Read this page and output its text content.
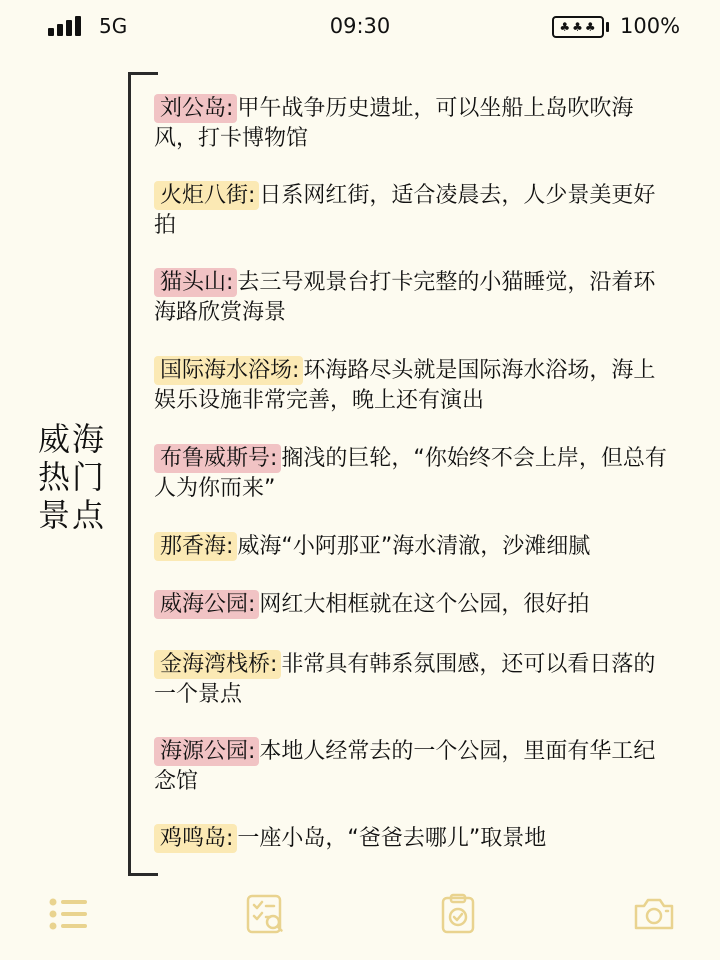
5G	09:30	♣ ♣ ♣ 100%
威海热门景点
刘公岛: 甲午战争历史遗址，可以坐船上岛吹吹海风，打卡博物馆
火炬八街: 日系网红街，适合凌晨去，人少景美更好拍
猫头山: 去三号观景台打卡完整的小猫睡觉，沿着环海路欣赏海景
国际海水浴场: 环海路尽头就是国际海水浴场，海上娱乐设施非常完善，晚上还有演出
布鲁威斯号: 搁浅的巨轮，“你始终不会上岸，但总有人为你而来”
那香海: 威海“小阿那亚”海水清澈，沙滩细腻
威海公园: 网红大相框就在这个公园，很好拍
金海湾栈桥: 非常具有韩系氛围感，还可以看日落的一个景点
海源公园: 本地人经常去的一个公园，里面有华工纪念馆
鸡鸣岛: 一座小岛，“爸爸去哪儿”取景地
